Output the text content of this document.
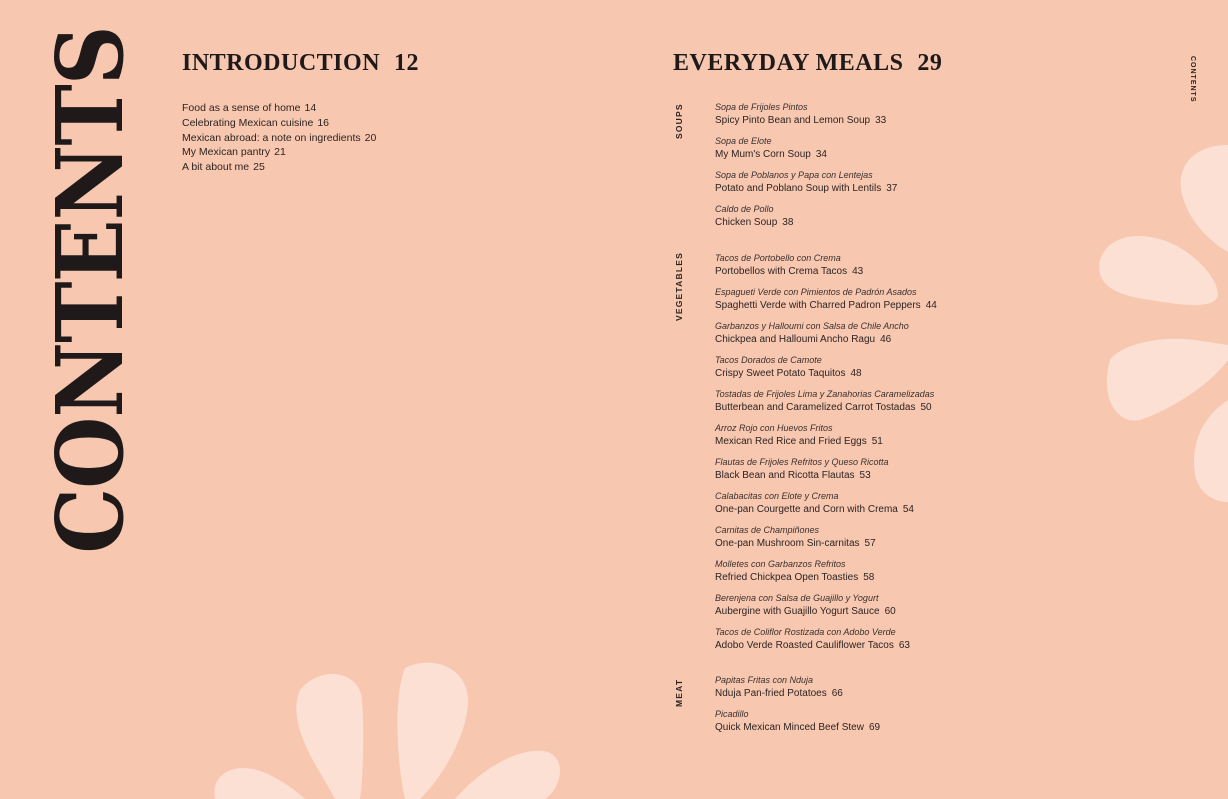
CONTENTS INTRODUCTION 12
Food as a sense of home 14
Celebrating Mexican cuisine 16
Mexican abroad: a note on ingredients 20
My Mexican pantry 21
A bit about me 25
EVERYDAY MEALS 29	CONTENTS
SOUPS
VEGETABLES
MEAT
Sopa de Frijoles Pintos
Spicy Pinto Bean and Lemon Soup 33
Sopa de Elote
My Mum's Corn Soup 34
Sopa de Poblanos y Papa con Lentejas
Potato and Poblano Soup with Lentils 37
Caldo de Pollo
Chicken Soup 38
Tacos de Portobello con Crema
Portobellos with Crema Tacos 43
Espagueti Verde con Pimientos de Padrón Asados
Spaghetti Verde with Charred Padron Peppers 44
Garbanzos y Halloumi con Salsa de Chile Ancho
Chickpea and Halloumi Ancho Ragu 46
Tacos Dorados de Camote
Crispy Sweet Potato Taquitos 48
Tostadas de Frijoles Lima y Zanahorias Caramelizadas
Butterbean and Caramelized Carrot Tostadas 50
Arroz Rojo con Huevos Fritos
Mexican Red Rice and Fried Eggs 51
Flautas de Frijoles Refritos y Queso Ricotta
Black Bean and Ricotta Flautas 53
Calabacitas con Elote y Crema
One-pan Courgette and Corn with Crema 54
Carnitas de Champiñones
One-pan Mushroom Sin-carnitas 57
Molletes con Garbanzos Refritos
Refried Chickpea Open Toasties 58
Berenjena con Salsa de Guajillo y Yogurt
Aubergine with Guajillo Yogurt Sauce 60
Tacos de Coliflor Rostizada con Adobo Verde
Adobo Verde Roasted Cauliflower Tacos 63
Papitas Fritas con Nduja
Nduja Pan-fried Potatoes 66
Picadillo
Quick Mexican Minced Beef Stew 69
